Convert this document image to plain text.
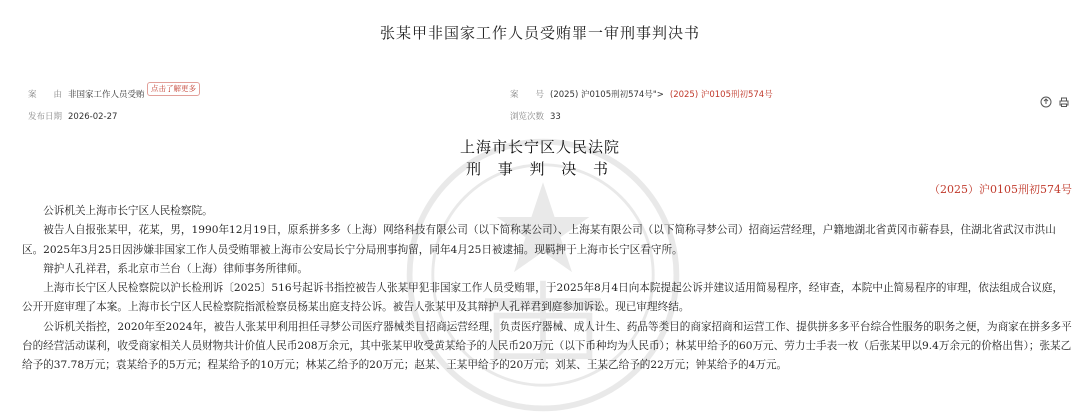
张某甲非国家工作人员受贿罪一审刑事判决书
案　　由 非国家工作人员受贿
点击了解更多
案　　号 (2025) 沪0105刑初574号"> (2025) 沪0105刑初574号
发布日期 2026-02-27	浏览次数 33
上海市长宁区人民法院
刑 事 判 决 书
（2025）沪0105刑初574号

公诉机关上海市长宁区人民检察院。

被告人自报张某甲，花某，男，1990年12月19日，原系拼多多（上海）网络科技有限公司（以下简称某公司）、上海某有限公司（以下简称寻梦公司）招商运营经理，户籍地湖北省黄冈市蕲春县，住湖北省武汉市洪山区。2025年3月25日因涉嫌非国家工作人员受贿罪被上海市公安局长宁分局刑事拘留，同年4月25日被逮捕。现羁押于上海市长宁区看守所。

辩护人孔祥君，系北京市兰台（上海）律师事务所律师。

上海市长宁区人民检察院以沪长检刑诉〔2025〕516号起诉书指控被告人张某甲犯非国家工作人员受贿罪，于2025年8月4日向本院提起公诉并建议适用简易程序，经审查，本院中止简易程序的审理，依法组成合议庭，公开开庭审理了本案。上海市长宁区人民检察院指派检察员杨某出庭支持公诉。被告人张某甲及其辩护人孔祥君到庭参加诉讼。现已审理终结。

公诉机关指控，2020年至2024年，被告人张某甲利用担任寻梦公司医疗器械类目招商运营经理，负责医疗器械、成人计生、药品等类目的商家招商和运营工作、提供拼多多平台综合性服务的职务之便，为商家在拼多多平台的经营活动谋利，收受商家相关人员财物共计价值人民币208万余元，其中张某甲收受黄某给予的人民币20万元（以下币种均为人民币）；林某甲给予的60万元、劳力士手表一枚（后张某甲以9.4万余元的价格出售）；张某乙给予的37.78万元；袁某给予的5万元；程某给予的10万元；林某乙给予的20万元；赵某、王某甲给予的20万元；刘某、王某乙给予的22万元；钟某给予的4万元。
